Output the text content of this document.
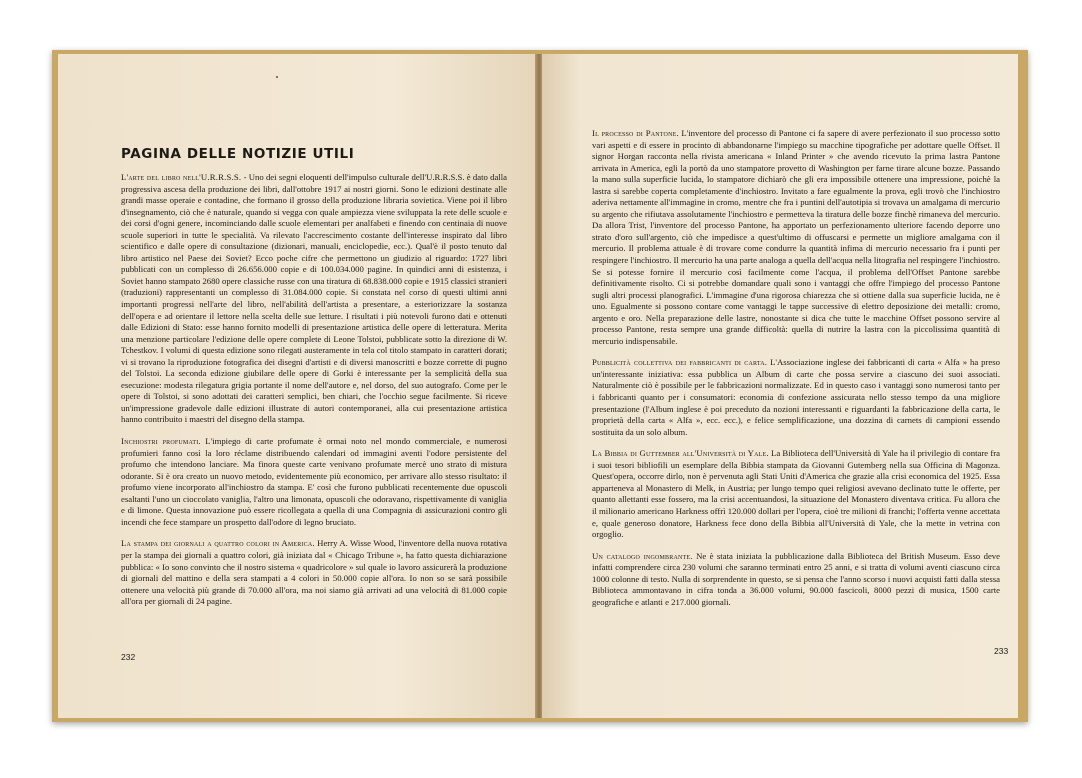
PAGINA DELLE NOTIZIE UTILI

L'arte del libro nell'U.R.R.S.S. - Uno dei segni eloquenti dell'impulso culturale dell'U.R.R.S.S. è dato dalla progressiva ascesa della produzione dei libri, dall'ottobre 1917 ai nostri giorni. Sono le edizioni destinate alle grandi masse operaie e contadine, che formano il grosso della produzione libraria sovietica. Viene poi il libro d'insegnamento, ciò che è naturale, quando si vegga con quale ampiezza viene sviluppata la rete delle scuole e dei corsi d'ogni genere, incominciando dalle scuole elementari per analfabeti e finendo con centinaia di nuove scuole superiori in tutte le specialità. Va rilevato l'accrescimento costante dell'interesse inspirato dal libro scientifico e dalle opere di consultazione (dizionari, manuali, enciclopedie, ecc.). Qual'è il posto tenuto dal libro artistico nel Paese dei Soviet? Ecco poche cifre che permettono un giudizio al riguardo: 1727 libri pubblicati con un complesso di 26.656.000 copie e di 100.034.000 pagine. In quindici anni di esistenza, i Soviet hanno stampato 2680 opere classiche russe con una tiratura di 68.838.000 copie e 1915 classici stranieri (traduzioni) rappresentanti un complesso di 31.084.000 copie. Si constata nel corso di questi ultimi anni importanti progressi nell'arte del libro, nell'abilità dell'artista a presentare, a esteriorizzare la sostanza dell'opera e ad orientare il lettore nella scelta delle sue letture. I risultati i più notevoli furono dati e ottenuti dalle Edizioni di Stato: esse hanno fornito modelli di presentazione artistica delle opere di letteratura. Merita una menzione particolare l'edizione delle opere complete di Leone Tolstoi, pubblicate sotto la direzione di W. Tchestkov. I volumi di questa edizione sono rilegati austeramente in tela col titolo stampato in caratteri dorati; vi si trovano la riproduzione fotografica dei disegni d'artisti e di diversi manoscritti e bozze corrette di pugno del Tolstoi. La seconda edizione giubilare delle opere di Gorki è interessante per la semplicità della sua esecuzione: modesta rilegatura grigia portante il nome dell'autore e, nel dorso, del suo autografo. Come per le opere di Tolstoi, si sono adottati dei caratteri semplici, ben chiari, che l'occhio segue facilmente. Si riceve un'impressione gradevole dalle edizioni illustrate di autori contemporanei, alla cui presentazione artistica hanno contribuito i maestri del disegno della stampa.

Inchiostri profumati. L'impiego di carte profumate è ormai noto nel mondo commerciale, e numerosi profumieri fanno così la loro réclame distribuendo calendari od immagini aventi l'odore persistente del profumo che intendono lanciare. Ma finora queste carte venivano profumate mercè uno strato di mistura odorante. Si è ora creato un nuovo metodo, evidentemente più economico, per arrivare allo stesso risultato: il profumo viene incorporato all'inchiostro da stampa. E' così che furono pubblicati recentemente due opuscoli esaltanti l'uno un cioccolato vaniglia, l'altro una limonata, opuscoli che odoravano, rispettivamente di vaniglia e di limone. Questa innovazione può essere ricollegata a quella di una Compagnia di assicurazioni contro gli incendi che fece stampare un prospetto dall'odore di legno bruciato.

La stampa dei giornali a quattro colori in America. Herry A. Wisse Wood, l'inventore della nuova rotativa per la stampa dei giornali a quattro colori, già iniziata dal « Chicago Tribune », ha fatto questa dichiarazione pubblica: « Io sono convinto che il nostro sistema « quadricolore » sul quale io lavoro assicurerà la produzione di giornali del mattino e della sera stampati a 4 colori in 50.000 copie all'ora. Io non so se sarà possibile ottenere una velocità più grande di 70.000 all'ora, ma noi siamo già arrivati ad una velocità di 81.000 copie all'ora per giornali di 24 pagine.

232

Il processo di Pantone. L'inventore del processo di Pantone ci fa sapere di avere perfezionato il suo processo sotto vari aspetti e di essere in procinto di abbandonarne l'impiego su macchine tipografiche per adottare quelle Offset. Il signor Horgan racconta nella rivista americana « Inland Printer » che avendo ricevuto la prima lastra Pantone arrivata in America, egli la portò da uno stampatore provetto di Washington per farne tirare alcune bozze. Passando la mano sulla superficie lucida, lo stampatore dichiarò che gli era impossibile ottenere una impressione, poichè la lastra si sarebbe coperta completamente d'inchiostro. Invitato a fare egualmente la prova, egli trovò che l'inchiostro aderiva nettamente all'immagine in cromo, mentre che fra i puntini dell'autotipia si trovava un amalgama di mercurio su argento che rifiutava assolutamente l'inchiostro e permetteva la tiratura delle bozze finchè rimaneva del mercurio. Da allora Trist, l'inventore del processo Pantone, ha apportato un perfezionamento ulteriore facendo deporre uno strato d'oro sull'argento, ciò che impedisce a quest'ultimo di offuscarsi e permette un migliore amalgama con il mercurio. Il problema attuale è di trovare come condurre la quantità infima di mercurio necessario fra i punti per respingere l'inchiostro. Il mercurio ha una parte analoga a quella dell'acqua nella litografia nel respingere l'inchiostro. Se si potesse fornire il mercurio così facilmente come l'acqua, il problema dell'Offset Pantone sarebbe definitivamente risolto. Ci si potrebbe domandare quali sono i vantaggi che offre l'impiego del processo Pantone sugli altri processi planografici. L'immagine d'una rigorosa chiarezza che si ottiene dalla sua superficie lucida, ne è uno. Egualmente si possono contare come vantaggi le tappe successive di elettro deposizione dei metalli: cromo, argento e oro. Nella preparazione delle lastre, nonostante si dica che tutte le macchine Offset possono servire al processo Pantone, resta sempre una grande difficoltà: quella di nutrire la lastra con la piccolissima quantità di mercurio indispensabile.

Pubblicità collettiva dei fabbricanti di carta. L'Associazione inglese dei fabbricanti di carta « Alfa » ha preso un'interessante iniziativa: essa pubblica un Album di carte che possa servire a ciascuno dei suoi associati. Naturalmente ciò è possibile per le fabbricazioni normalizzate. Ed in questo caso i vantaggi sono numerosi tanto per i fabbricanti quanto per i consumatori: economia di confezione assicurata nello stesso tempo da una migliore presentazione (l'Album inglese è poi preceduto da nozioni interessanti e riguardanti la fabbricazione della carta, le proprietà della carta « Alfa », ecc. ecc.), e felice semplificazione, una dozzina di carnets di campioni essendo sostituita da un solo album.

La Bibbia di Guttember all'Università di Yale. La Biblioteca dell'Università di Yale ha il privilegio di contare fra i suoi tesori bibliofili un esemplare della Bibbia stampata da Giovanni Gutemberg nella sua Officina di Magonza. Quest'opera, occorre dirlo, non è pervenuta agli Stati Uniti d'America che grazie alla crisi economica del 1925. Essa apparteneva al Monastero di Melk, in Austria; per lungo tempo quei religiosi avevano declinato tutte le offerte, per quanto allettanti esse fossero, ma la crisi accentuandosi, la situazione del Monastero diventava critica. Fu allora che il milionario americano Harkness offrì 120.000 dollari per l'opera, cioè tre milioni di franchi; l'offerta venne accettata e, quale generoso donatore, Harkness fece dono della Bibbia all'Università di Yale, che la mette in vetrina con orgoglio.

Un catalogo ingombrante. Ne è stata iniziata la pubblicazione dalla Biblioteca del British Museum. Esso deve infatti comprendere circa 230 volumi che saranno terminati entro 25 anni, e si tratta di volumi aventi ciascuno circa 1000 colonne di testo. Nulla di sorprendente in questo, se si pensa che l'anno scorso i nuovi acquisti fatti dalla stessa Biblioteca ammontavano in cifra tonda a 36.000 volumi, 90.000 fascicoli, 8000 pezzi di musica, 1500 carte geografiche e atlanti e 217.000 giornali.

233
